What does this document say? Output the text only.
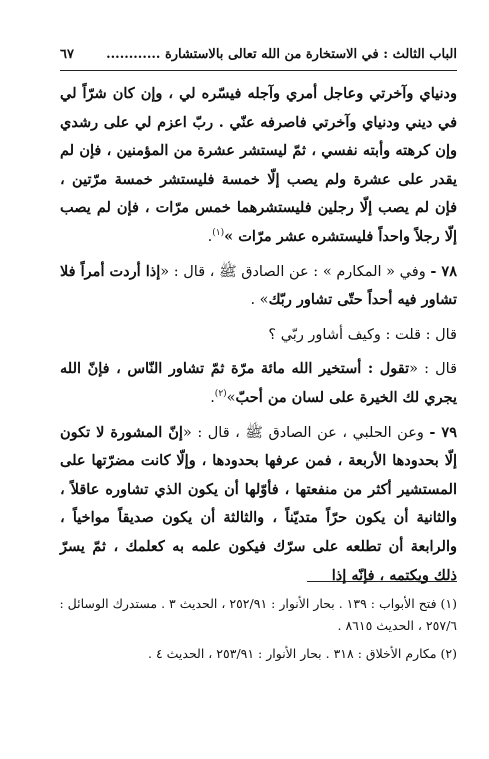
الباب الثالث : في الاستخارة من الله تعالى بالاستشارة ............
٦٧

ودنياي وآخرتي وعاجل أمري وآجله فيسّره لي ، وإن كان شرّاً لي في ديني ودنياي وآخرتي فاصرفه عنّي . ربّ اعزم لي على رشدي وإن كرهته وأبته نفسي ، ثمّ ليستشر عشرة من المؤمنين ، فإن لم يقدر على عشرة ولم يصب إلّا خمسة فليستشر خمسة مرّتين ، فإن لم يصب إلّا رجلين فليستشرهما خمس مرّات ، فإن لم يصب إلّا رجلاً واحداً فليستشره عشر مرّات »$^{(١)}$.

٧٨ - وفي « المكارم » : عن الصادق ﷺ ، قال : «إذا أردت أمراً فلا تشاور فيه أحداً حتّى تشاور ربّك» .

قال : قلت : وكيف أشاور ربّي ؟

قال : «تقول : أستخير الله مائة مرّة ثمّ تشاور النّاس ، فإنّ الله يجري لك الخيرة على لسان من أحبّ»$^{(٢)}$.

٧٩ - وعن الحلبي ، عن الصادق ﷺ ، قال : «إنّ المشورة لا تكون إلّا بحدودها الأربعة ، فمن عرفها بحدودها ، وإلّا كانت مضرّتها على المستشير أكثر من منفعتها ، فأوّلها أن يكون الذي تشاوره عاقلاً ، والثانية أن يكون حرّاً متديّناً ، والثالثة أن يكون صديقاً مواخياً ، والرابعة أن تطلعه على سرّك فيكون علمه به كعلمك ، ثمّ يسرّ ذلك ويكتمه ، فإنّه إذا

(١) فتح الأبواب : ١٣٩ . بحار الأنوار : ٢٥٢/٩١ ، الحديث ٣ . مستدرك الوسائل : ٢٥٧/٦ ، الحديث ٨٦١٥ .

(٢) مكارم الأخلاق : ٣١٨ . بحار الأنوار : ٢٥٣/٩١ ، الحديث ٤ .
